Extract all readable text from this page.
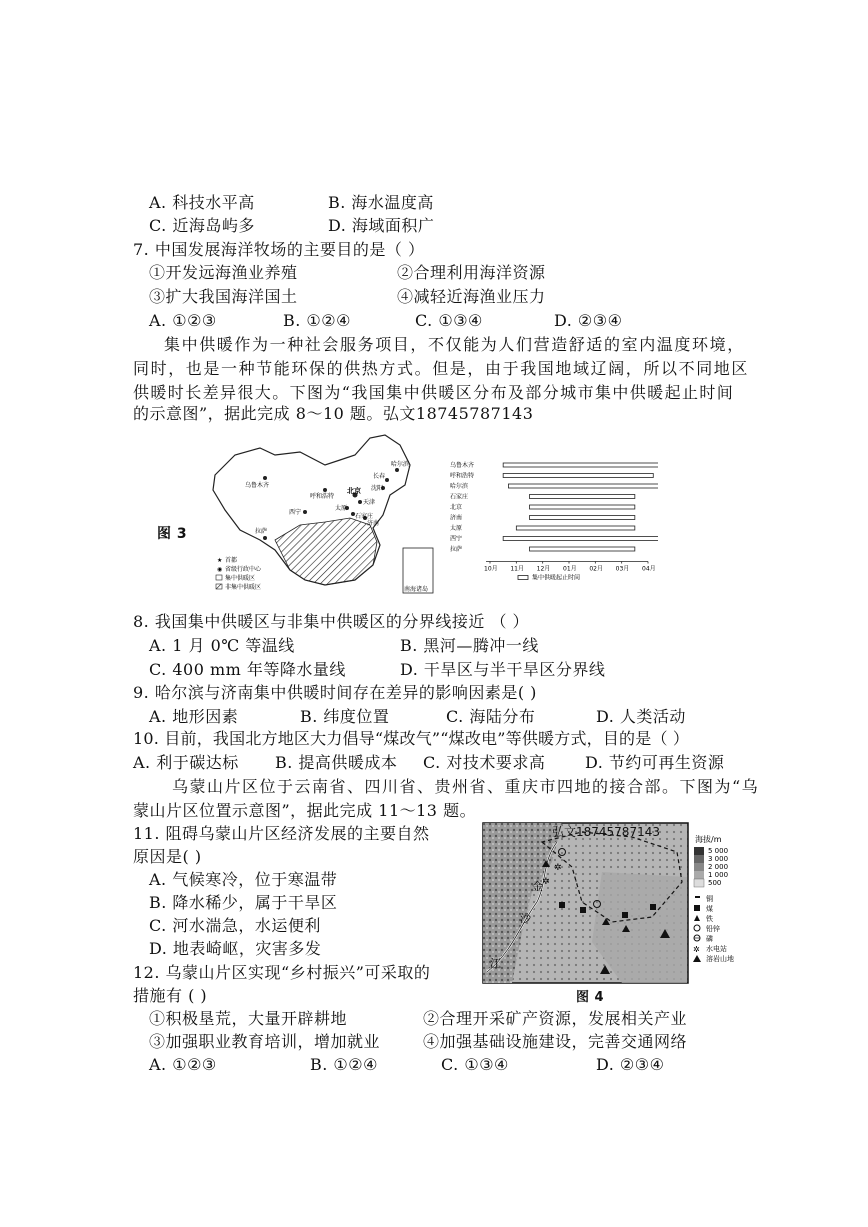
A. 科技水平高	B. 海水温度高
C. 近海岛屿多	D. 海域面积广
7. 中国发展海洋牧场的主要目的是（ ）
①开发远海渔业养殖	②合理利用海洋资源
③扩大我国海洋国土	④减轻近海渔业压力
A. ①②③	B. ①②④	C. ①③④	D. ②③④
集中供暖作为一种社会服务项目，不仅能为人们营造舒适的室内温度环境，
同时，也是一种节能环保的供热方式。但是，由于我国地域辽阔，所以不同地区
供暖时长差异很大。下图为“我国集中供暖区分布及部分城市集中供暖起止时间
的示意图”，据此完成 8～10 题。弘文18745787143
图 3
哈尔滨
长春
沈阳
乌鲁木齐
呼和浩特
北京
天津
太原
石家庄
济南
西宁
拉萨
★ 首都
◉ 省级行政中心
集中供暖区
非集中供暖区	南海诸岛
乌鲁木齐
呼和浩特
哈尔滨
石家庄
北京
济南
太原
西宁
拉萨
10月 11月 12月 01月 02月 03月 04月
集中供暖起止时间
8. 我国集中供暖区与非集中供暖区的分界线接近 （ ）
A. 1 月 0℃ 等温线	B. 黑河—腾冲一线
C. 400 mm 年等降水量线	D. 干旱区与半干旱区分界线
9. 哈尔滨与济南集中供暖时间存在差异的影响因素是( )
A. 地形因素	B. 纬度位置	C. 海陆分布	D. 人类活动
10. 目前，我国北方地区大力倡导“煤改气”“煤改电”等供暖方式，目的是（ ）
A. 利于碳达标 B. 提高供暖成本 C. 对技术要求高 D. 节约可再生资源
乌蒙山片区位于云南省、四川省、贵州省、重庆市四地的接合部。下图为“乌
蒙山片区位置示意图”，据此完成 11～13 题。
11. 阻碍乌蒙山片区经济发展的主要自然
原因是( )
A. 气候寒冷，位于寒温带
B. 降水稀少，属于干旱区
C. 河水湍急，水运便利
D. 地表崎岖，灾害多发
12. 乌蒙山片区实现“乡村振兴”可采取的
措施有 ( )
①积极垦荒，大量开辟耕地	②合理开采矿产资源，发展相关产业
③加强职业教育培训，增加就业	④加强基础设施建设，完善交通网络
A. ①②③	B. ①②④	C. ①③④	D. ②③④
金
沙
江
弘文18745787143
✲
✲
海拔/m
5 000
3 000
2 000
1 000
500
铜
煤
铁
铅锌
磷
✲ 水电站
溶岩山地
图 4
